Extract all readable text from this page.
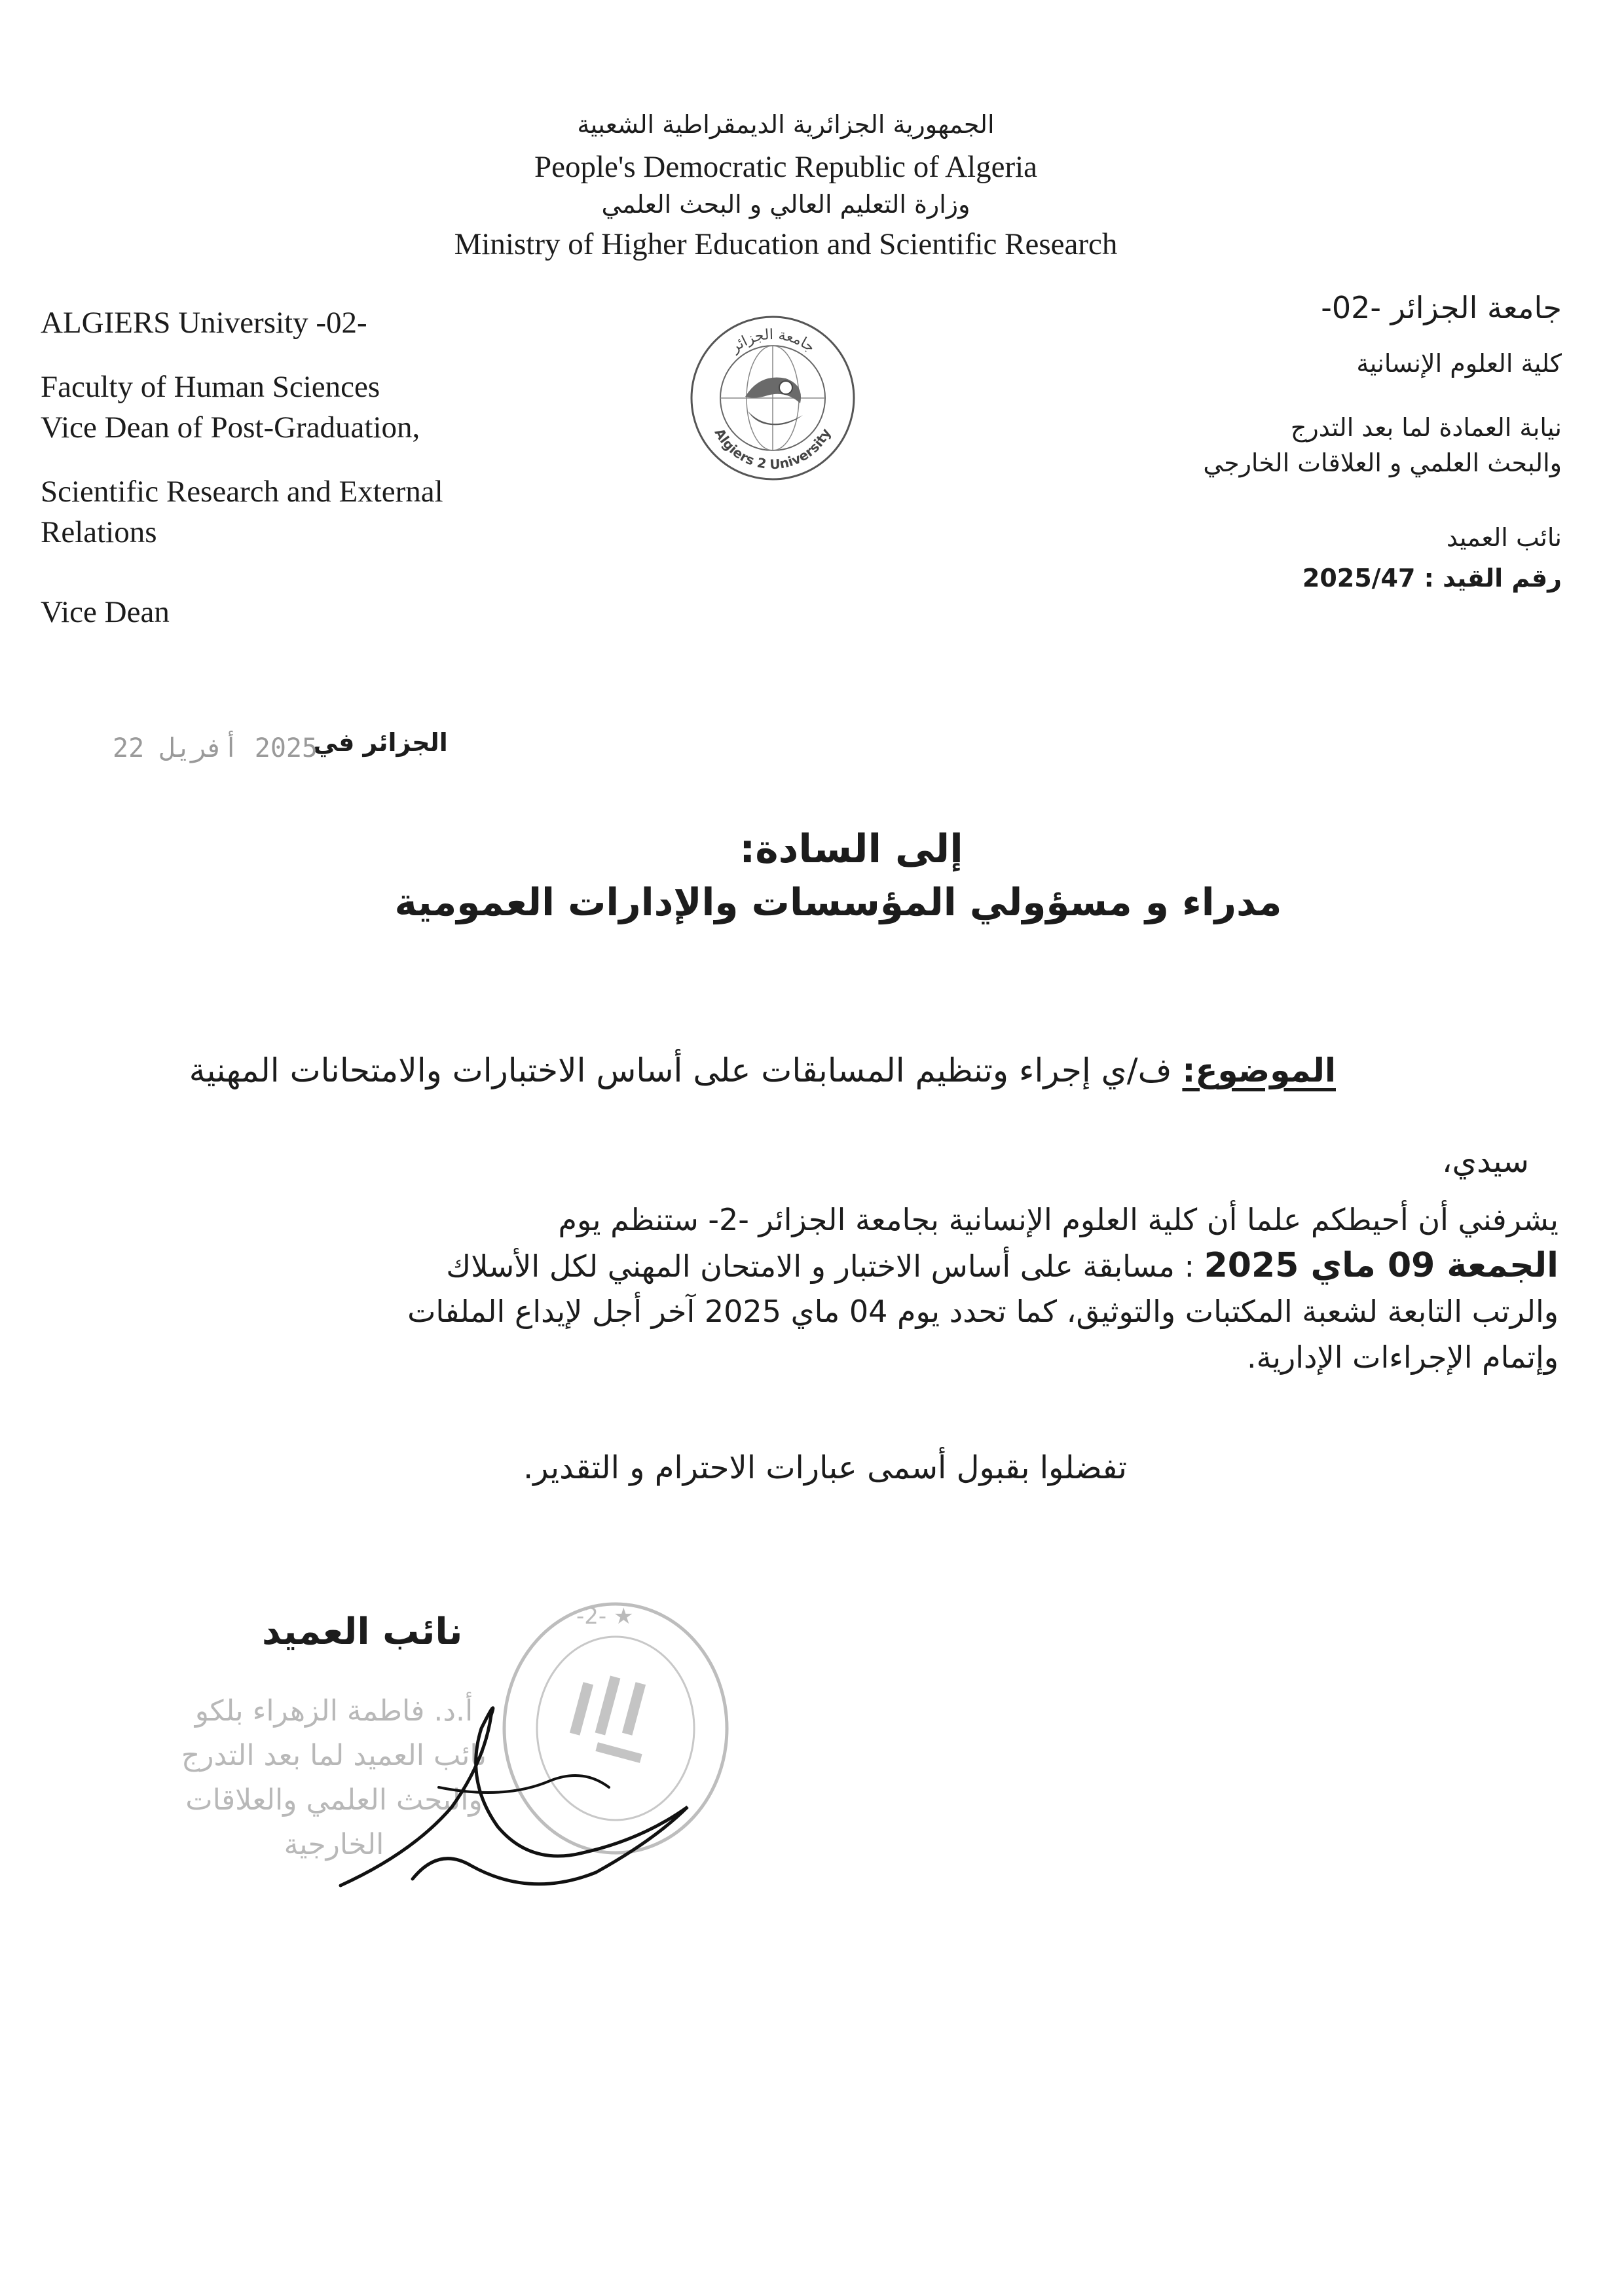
الجمهورية الجزائرية الديمقراطية الشعبية
People's Democratic Republic of Algeria
وزارة التعليم العالي و البحث العلمي
Ministry of Higher Education and Scientific Research
ALGIERS University -02-
Faculty of Human Sciences
Vice Dean of Post-Graduation,
Scientific Research and External
Relations
Vice Dean
جامعة الجزائر
Algiers 2 University
جامعة الجزائر -02-
كلية العلوم الإنسانية
نيابة العمادة لما بعد التدرج
والبحث العلمي و العلاقات الخارجي
نائب العميد
رقم القيد : 2025/47
الجزائر في
2025 أفريل 22
إلى السادة:
مدراء و مسؤولي المؤسسات والإدارات العمومية
الموضوع: ف/ي إجراء وتنظيم المسابقات على أساس الاختبارات والامتحانات المهنية
سيدي،
يشرفني أن أحيطكم علما أن كلية العلوم الإنسانية بجامعة الجزائر -2- ستنظم يوم
الجمعة 09 ماي 2025 : مسابقة على أساس الاختبار و الامتحان المهني لكل الأسلاك
والرتب التابعة لشعبة المكتبات والتوثيق، كما تحدد يوم 04 ماي 2025 آخر أجل لإيداع الملفات
وإتمام الإجراءات الإدارية.
تفضلوا بقبول أسمى عبارات الاحترام و التقدير.
نائب العميد
أ.د. فاطمة الزهراء بلكو
نائب العميد لما بعد التدرج
والبحث العلمي والعلاقات
الخارجية
-2- ★
